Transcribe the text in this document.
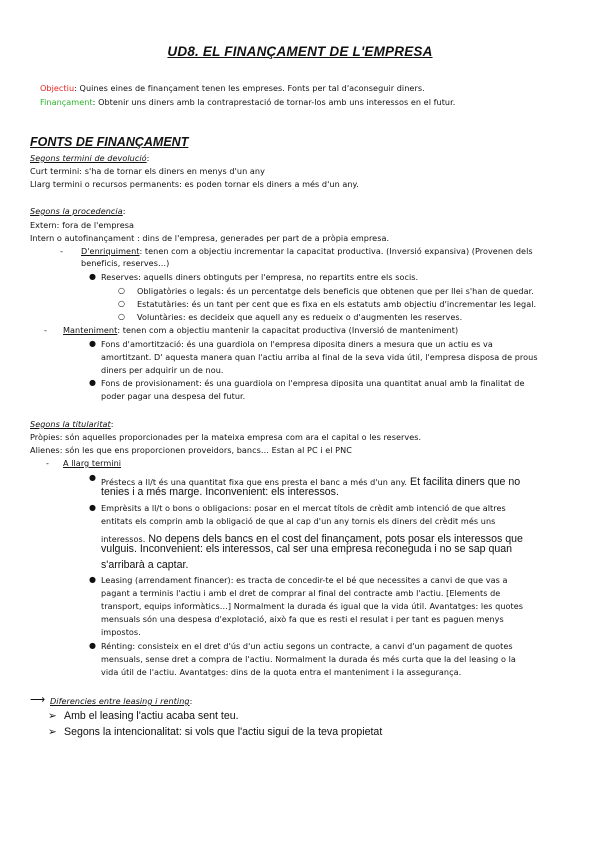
UD8. EL FINANÇAMENT DE L'EMPRESA
Objectiu: Quines eines de finançament tenen les empreses. Fonts per tal d'aconseguir diners.
Finançament: Obtenir uns diners amb la contraprestació de tornar-los amb uns interessos en el futur.
FONTS DE FINANÇAMENT
Segons termini de devolució:
Curt termini: s'ha de tornar els diners en menys d'un any
Llarg termini o recursos permanents: es poden tornar els diners a més d'un any.
Segons la procedencia:
Extern: fora de l'empresa
Intern o autofinançament : dins de l'empresa, generades per part de a pròpia empresa.
- D'enriquiment: tenen com a objectiu incrementar la capacitat productiva. (Inversió expansiva) (Provenen dels
beneficis, reserves…)
● Reserves: aquells diners obtinguts per l'empresa, no repartits entre els socis.
○ Obligatòries o legals: és un percentatge dels beneficis que obtenen que per llei s'han de quedar.
○ Estatutàries: és un tant per cent que es fixa en els estatuts amb objectiu d'incrementar les legal.
○ Voluntàries: es decideix que aquell any es redueix o d'augmenten les reserves.
- Manteniment: tenen com a objectiu mantenir la capacitat productiva (Inversió de manteniment)
● Fons d'amortització: és una guardiola on l'empresa diposita diners a mesura que un actiu es va
amortitzant. D' aquesta manera quan l'actiu arriba al final de la seva vida útil, l'empresa disposa de prous
diners per adquirir un de nou.
● Fons de provisionament: és una guardiola on l'empresa diposita una quantitat anual amb la finalitat de
poder pagar una despesa del futur.
Segons la titularitat:
Pròpies: són aquelles proporcionades per la mateixa empresa com ara el capital o les reserves.
Alienes: són les que ens proporcionen proveidors, bancs… Estan al PC i el PNC
- A llarg termini
● Préstecs a ll/t és una quantitat fixa que ens presta el banc a més d'un any. Et facilita diners que no
tenies i a més marge. Inconvenient: els interessos.
● Emprèsits a ll/t o bons o obligacions: posar en el mercat títols de crèdit amb intenció de que altres
entitats els comprin amb la obligació de que al cap d'un any tornis els diners del crèdit més uns
interessos. No depens dels bancs en el cost del finançament, pots posar els interessos que
vulguis. Inconvenient: els interessos, cal ser una empresa reconeguda i no se sap quan
s'arribarà a captar.
● Leasing (arrendament financer): es tracta de concedir-te el bé que necessites a canvi de que vas a
pagant a terminis l'actiu i amb el dret de comprar al final del contracte amb l'actiu. [Elements de
transport, equips informàtics…] Normalment la durada és igual que la vida útil. Avantatges: les quotes
mensuals són una despesa d'explotació, això fa que es resti el resulat i per tant es paguen menys
impostos.
● Rénting: consisteix en el dret d'ús d'un actiu segons un contracte, a canvi d'un pagament de quotes
mensuals, sense dret a compra de l'actiu. Normalment la durada és més curta que la del leasing o la
vida útil de l'actiu. Avantatges: dins de la quota entra el manteniment i la assegurança.
⟶ Diferencies entre leasing i renting:
➢ Amb el leasing l'actiu acaba sent teu.
➢ Segons la intencionalitat: si vols que l'actiu sigui de la teva propietat
